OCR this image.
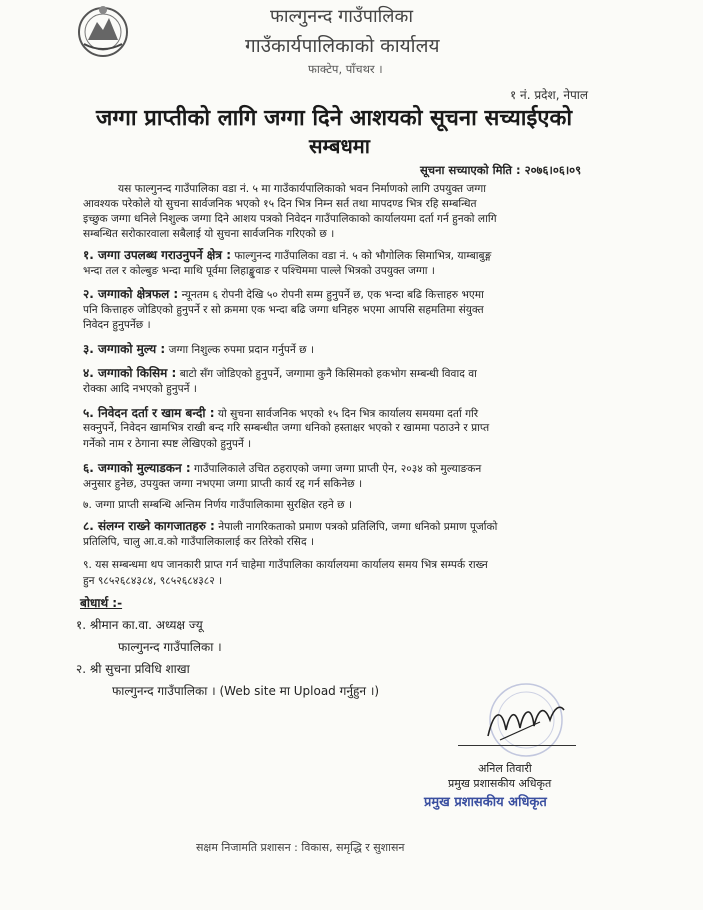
फाल्गुनन्द गाउँपालिका
गाउँकार्यपालिकाको कार्यालय
फाक्टेप, पाँचथर ।
१ नं. प्रदेश, नेपाल
जग्गा प्राप्तीको लागि जग्गा दिने आशयको सूचना सच्याईएको
सम्बधमा
सूचना सच्याएको मिति : २०७६।०६।०९
यस फाल्गुनन्द गाउँपालिका वडा नं. ५ मा गाउँकार्यपालिकाको भवन निर्माणको लागि उपयुक्त जग्गा
आवश्यक परेकोले यो सुचना सार्वजनिक भएको १५ दिन भित्र निम्न सर्त तथा मापदण्ड भित्र रहि सम्बन्धित
इच्छुक जग्गा धनिले निशुल्क जग्गा दिने आशय पत्रको निवेदन गाउँपालिकाको कार्यालयमा दर्ता गर्न हुनको लागि
सम्बन्धित सरोकारवाला सबैलाई यो सुचना सार्वजनिक गरिएको छ ।
१. जग्गा उपलब्ध गराउनुपर्ने क्षेत्र : फाल्गुनन्द गाउँपालिका वडा नं. ५ को भौगोलिक सिमाभित्र, याम्बाबुङ्ग
भन्दा तल र कोल्बुङ भन्दा माथि पूर्वमा लिहाङ्खुवाङ र पश्चिममा पाल्ले भित्रको उपयुक्त जग्गा ।
२. जग्गाको क्षेत्रफल : न्यूनतम ६ रोपनी देखि ५० रोपनी सम्म हुनुपर्ने छ, एक भन्दा बढि कित्ताहरु भएमा
पनि कित्ताहरु जोडिएको हुनुपर्ने र सो क्रममा एक भन्दा बढि जग्गा धनिहरु भएमा आपसि सहमतिमा संयुक्त
निवेदन हुनुपर्नेछ ।
३. जग्गाको मुल्य : जग्गा निशुल्क रुपमा प्रदान गर्नुपर्ने छ ।
४. जग्गाको किसिम : बाटो सँग जोडिएको हुनुपर्ने, जग्गामा कुनै किसिमको हकभोग सम्बन्धी विवाद वा
रोक्का आदि नभएको हुनुपर्ने ।
५. निवेदन दर्ता र खाम बन्दी : यो सुचना सार्वजनिक भएको १५ दिन भित्र कार्यालय समयमा दर्ता गरि
सक्नुपर्ने, निवेदन खामभित्र राखी बन्द गरि सम्बन्धीत जग्गा धनिको हस्ताक्षर भएको र खाममा पठाउने र प्राप्त
गर्नेको नाम र ठेगाना स्पष्ट लेखिएको हुनुपर्ने ।
६. जग्गाको मुल्याडकन : गाउँपालिकाले उचित ठहराएको जग्गा जग्गा प्राप्ती ऐन, २०३४ को मुल्याङकन
अनुसार हुनेछ, उपयुक्त जग्गा नभएमा जग्गा प्राप्ती कार्य रद्द गर्न सकिनेछ ।
७. जग्गा प्राप्ती सम्बन्धि अन्तिम निर्णय गाउँपालिकामा सुरक्षित रहने छ ।
८. संलग्न राख्ने कागजातहरु : नेपाली नागरिकताको प्रमाण पत्रको प्रतिलिपि, जग्गा धनिको प्रमाण पूर्जाको
प्रतिलिपि, चालु आ.व.को गाउँपालिकालाई कर तिरेको रसिद ।
९. यस सम्बन्धमा थप जानकारी प्राप्त गर्न चाहेमा गाउँपालिका कार्यालयमा कार्यालय समय भित्र सम्पर्क राख्न
हुन ९८५२६८४३८४, ९८५२६८४३८२ ।
बोधार्थ :-
१. श्रीमान का.वा. अध्यक्ष ज्यू
फाल्गुनन्द गाउँपालिका ।
२. श्री सुचना प्रविधि शाखा
फाल्गुनन्द गाउँपालिका । (Web site मा Upload गर्नुहुन ।)
अनिल तिवारी
प्रमुख प्रशासकीय अधिकृत
प्रमुख प्रशासकीय अधिकृत
सक्षम निजामति प्रशासन : विकास, समृद्धि र सुशासन
